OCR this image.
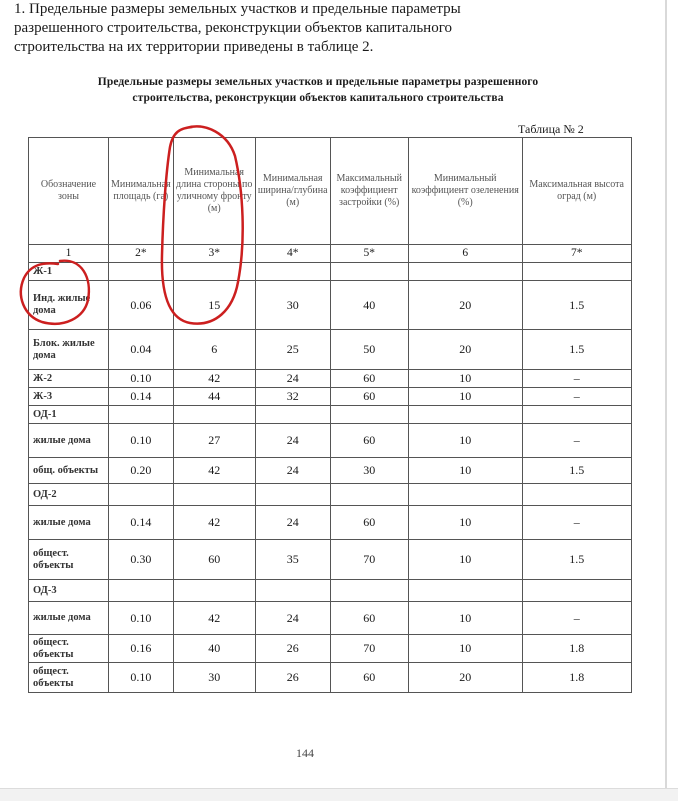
1. Предельные размеры земельных участков и предельные параметры
разрешенного строительства, реконструкции объектов капитального
строительства на их территории приведены в таблице 2.

Предельные размеры земельных участков и предельные параметры разрешенного
строительства, реконструкции объектов капитального строительства
Таблица № 2
Обозначение зоны	Минимальная площадь (га)	Минимальная длина стороны по уличному фронту (м)	Минимальная ширина/глубина (м)	Максимальный коэффициент застройки (%)	Минимальный коэффициент озеленения (%)	Максимальная высота оград (м)
1	2*	3*	4*	5*	6	7*
Ж-1						
Инд. жилые дома	0.06	15	30	40	20	1.5
Блок. жилые дома	0.04	6	25	50	20	1.5
Ж-2	0.10	42	24	60	10	–
Ж-3	0.14	44	32	60	10	–
ОД-1						
жилые дома	0.10	27	24	60	10	–
общ. объекты	0.20	42	24	30	10	1.5
ОД-2						
жилые дома	0.14	42	24	60	10	–
общест. объекты	0.30	60	35	70	10	1.5
ОД-3						
жилые дома	0.10	42	24	60	10	–
общест. объекты	0.16	40	26	70	10	1.8
общест. объекты	0.10	30	26	60	20	1.8
144
